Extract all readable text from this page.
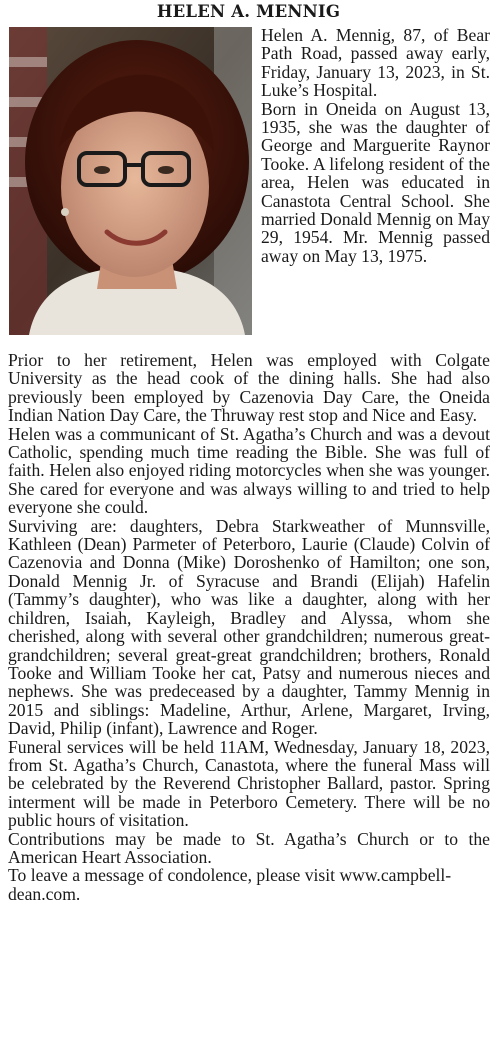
HELEN A. MENNIG

Helen A. Mennig, 87, of Bear Path Road, passed away early, Friday, January 13, 2023, in St. Luke’s Hospital.

Born in Oneida on August 13, 1935, she was the daughter of George and Marguerite Raynor Tooke. A lifelong resident of the area, Helen was educated in Canastota Central School. She married Donald Mennig on May 29, 1954. Mr. Mennig passed away on May 13, 1975.

Prior to her retirement, Helen was employed with Colgate University as the head cook of the dining halls. She had also previously been employed by Cazenovia Day Care, the Oneida Indian Nation Day Care, the Thruway rest stop and Nice and Easy.

Helen was a communicant of St. Agatha’s Church and was a devout Catholic, spending much time reading the Bible. She was full of faith. Helen also enjoyed riding motorcycles when she was younger. She cared for everyone and was always willing to and tried to help everyone she could.

Surviving are: daughters, Debra Starkweather of Munnsville, Kathleen (Dean) Parmeter of Peterboro, Laurie (Claude) Colvin of Cazenovia and Donna (Mike) Doroshenko of Hamilton; one son, Donald Mennig Jr. of Syracuse and Brandi (Elijah) Hafelin (Tammy’s daughter), who was like a daughter, along with her children, Isaiah, Kayleigh, Bradley and Alyssa, whom she cherished, along with several other grandchildren; numerous great-grandchildren; several great-great grandchildren; brothers, Ronald Tooke and William Tooke her cat, Patsy and numerous nieces and nephews. She was predeceased by a daughter, Tammy Mennig in 2015 and siblings: Madeline, Arthur, Arlene, Margaret, Irving, David, Philip (infant), Lawrence and Roger.

Funeral services will be held 11AM, Wednesday, January 18, 2023, from St. Agatha’s Church, Canastota, where the funeral Mass will be celebrated by the Reverend Christopher Ballard, pastor. Spring interment will be made in Peterboro Cemetery. There will be no public hours of visitation.

Contributions may be made to St. Agatha’s Church or to the American Heart Association.

To leave a message of condolence, please visit www.campbell-dean.com.
